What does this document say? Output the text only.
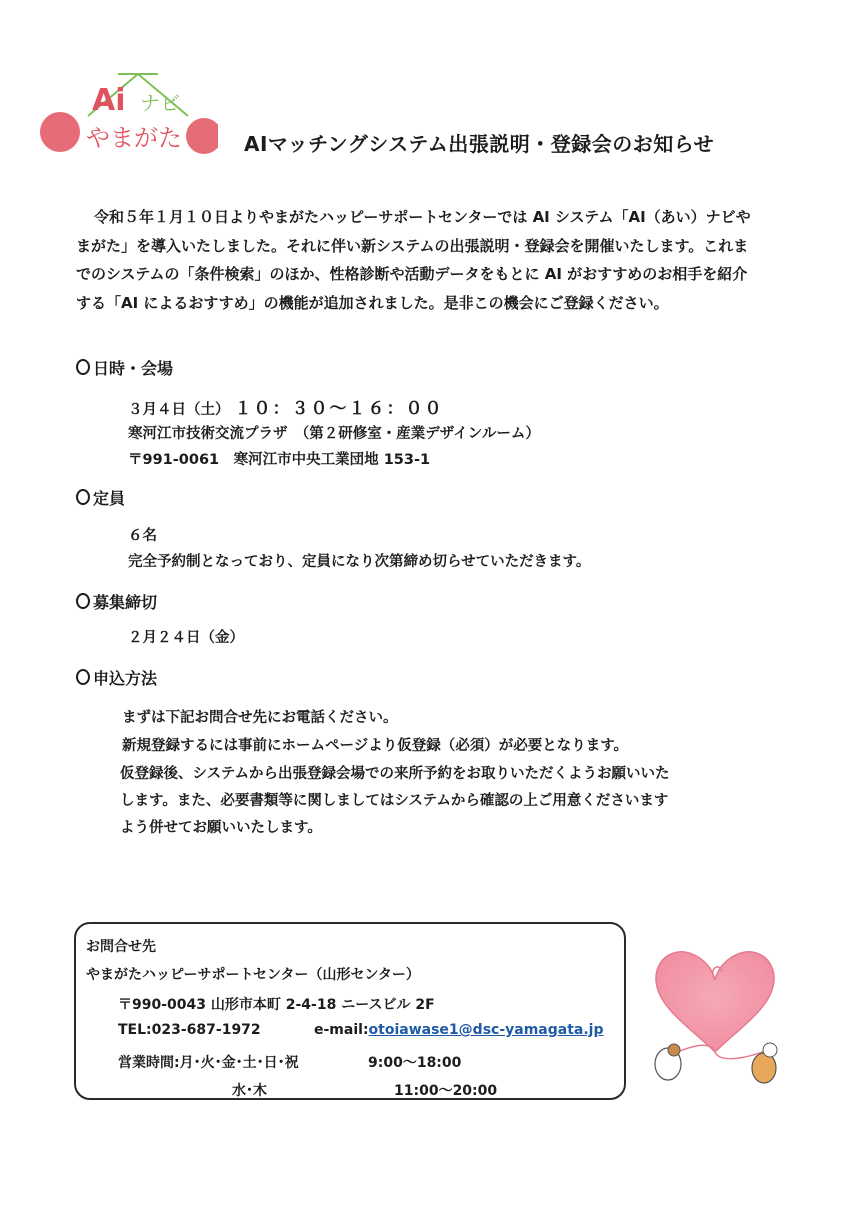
Ai ナビ
やまがた	AIマッチングシステム出張説明・登録会のお知らせ

令和５年１月１０日よりやまがたハッピーサポートセンターでは AI システム「AI（あい）ナビや

まがた」を導入いたしました。それに伴い新システムの出張説明・登録会を開催いたします。これま

でのシステムの「条件検索」のほか、性格診断や活動データをもとに AI がおすすめのお相手を紹介

する「AI によるおすすめ」の機能が追加されました。是非この機会にご登録ください。

日時・会場
３月４日（土） １０：３０～１６：００
寒河江市技術交流プラザ　（第２研修室・産業デザインルーム）
〒991-0061　寒河江市中央工業団地 153-1
定員
６名
完全予約制となっており、定員になり次第締め切らせていただきます。
募集締切
２月２４日（金）
申込方法
まずは下記お問合せ先にお電話ください。
新規登録するには事前にホームページより仮登録（必須）が必要となります。
仮登録後、システムから出張登録会場での来所予約をお取りいただくようお願いいた
します。また、必要書類等に関しましてはシステムから確認の上ご用意くださいます
よう併せてお願いいたします。
お問合せ先
やまがたハッピーサポートセンター（山形センター）
〒990-0043 山形市本町 2-4-18 ニースビル 2F
TEL:023-687-1972	e-mail:otoiawase1@dsc-yamagata.jp
営業時間:月･火･金･土･日･祝	9:00～18:00
水･木	11:00～20:00
